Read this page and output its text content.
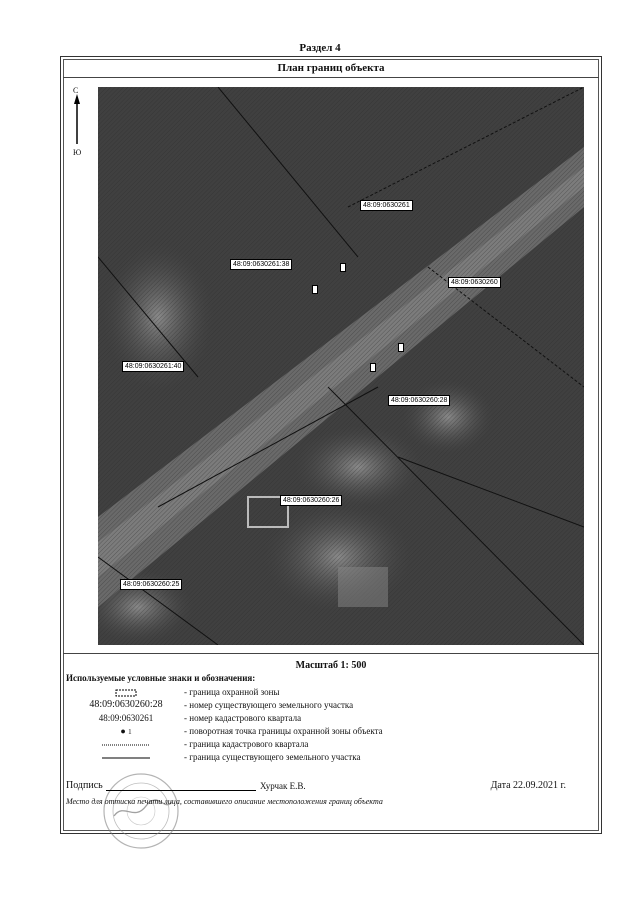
Раздел 4
План границ объекта
С
Ю
48:09:0630261
48:09:0630261:38
48:09:0630260
48:09:0630261:40
48:09:0630260:28
48:09:0630260:26
48:09:0630260:25
Масштаб 1: 500
Используемые условные знаки и обозначения:
- граница охранной зоны
48:09:0630260:28	- номер существующего земельного участка
48:09:0630261	- номер кадастрового квартала
● 1	- поворотная точка границы охранной зоны объекта
- граница кадастрового квартала
- граница существующего земельного участка
Подпись	Хурчак Е.В.	Дата 22.09.2021 г.
Место для оттиска печати лица, составившего описание местоположения границ объекта
